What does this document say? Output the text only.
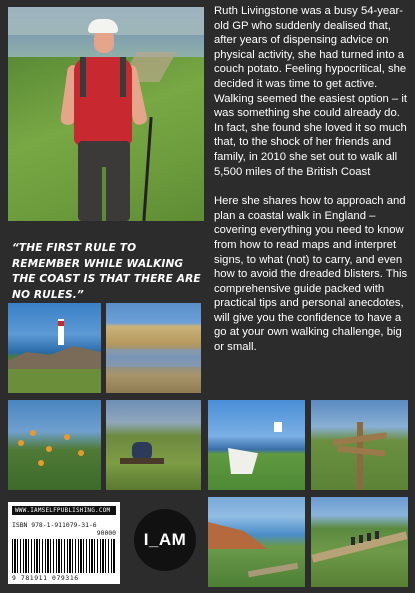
Ruth Livingstone was a busy 54-year-old GP who suddenly dealised that, after years of dispensing advice on physical activity, she had turned into a couch potato. Feeling hypocritical, she decided it was time to get active. Walking seemed the easiest option – it was something she could already do. In fact, she found she loved it so much that, to the shock of her friends and family, in 2010 she set out to walk all 5,500 miles of the British Coast

Here she shares how to approach and plan a coastal walk in England – covering everything you need to know from how to read maps and interpret signs, to what (not) to carry, and even how to avoid the dreaded blisters. This comprehensive guide packed with practical tips and personal anecdotes, will give you the confidence to have a go at your own walking challenge, big or small.

“THE FIRST RULE TO REMEMBER WHILE WALKING THE COAST IS THAT THERE ARE NO RULES.”
WWW.IAMSELFPUBLISHING.COM
ISBN 978-1-911079-31-6
90000
9 781911 079316
I_AM
